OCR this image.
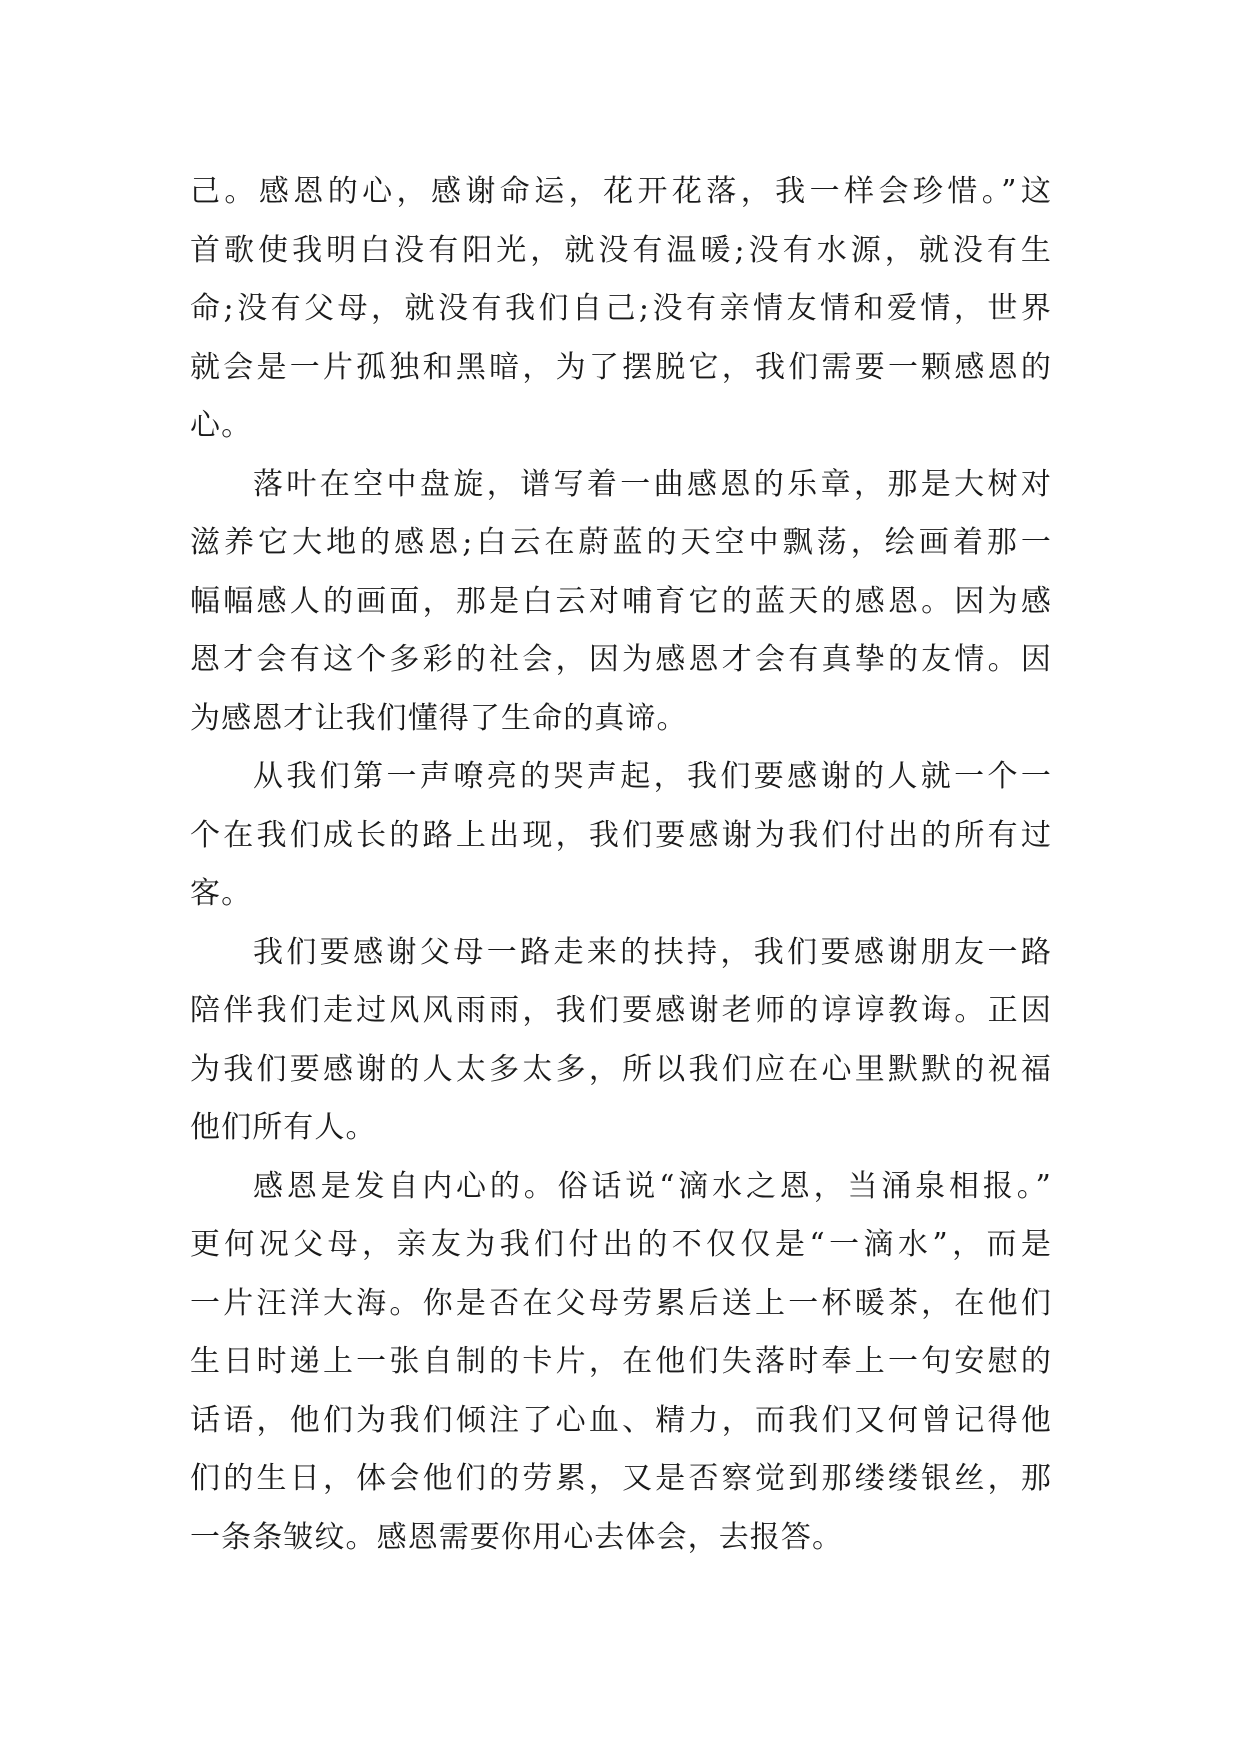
己。感恩的心，感谢命运，花开花落，我一样会珍惜。”这
首歌使我明白没有阳光，就没有温暖;没有水源，就没有生
命;没有父母，就没有我们自己;没有亲情友情和爱情，世界
就会是一片孤独和黑暗，为了摆脱它，我们需要一颗感恩的
心。
落叶在空中盘旋，谱写着一曲感恩的乐章，那是大树对
滋养它大地的感恩;白云在蔚蓝的天空中飘荡，绘画着那一
幅幅感人的画面，那是白云对哺育它的蓝天的感恩。因为感
恩才会有这个多彩的社会，因为感恩才会有真挚的友情。因
为感恩才让我们懂得了生命的真谛。
从我们第一声嘹亮的哭声起，我们要感谢的人就一个一
个在我们成长的路上出现，我们要感谢为我们付出的所有过
客。
我们要感谢父母一路走来的扶持，我们要感谢朋友一路
陪伴我们走过风风雨雨，我们要感谢老师的谆谆教诲。正因
为我们要感谢的人太多太多，所以我们应在心里默默的祝福
他们所有人。
感恩是发自内心的。俗话说“滴水之恩，当涌泉相报。”
更何况父母，亲友为我们付出的不仅仅是“一滴水”，而是
一片汪洋大海。你是否在父母劳累后送上一杯暖茶，在他们
生日时递上一张自制的卡片，在他们失落时奉上一句安慰的
话语，他们为我们倾注了心血、精力，而我们又何曾记得他
们的生日，体会他们的劳累，又是否察觉到那缕缕银丝，那
一条条皱纹。感恩需要你用心去体会，去报答。
